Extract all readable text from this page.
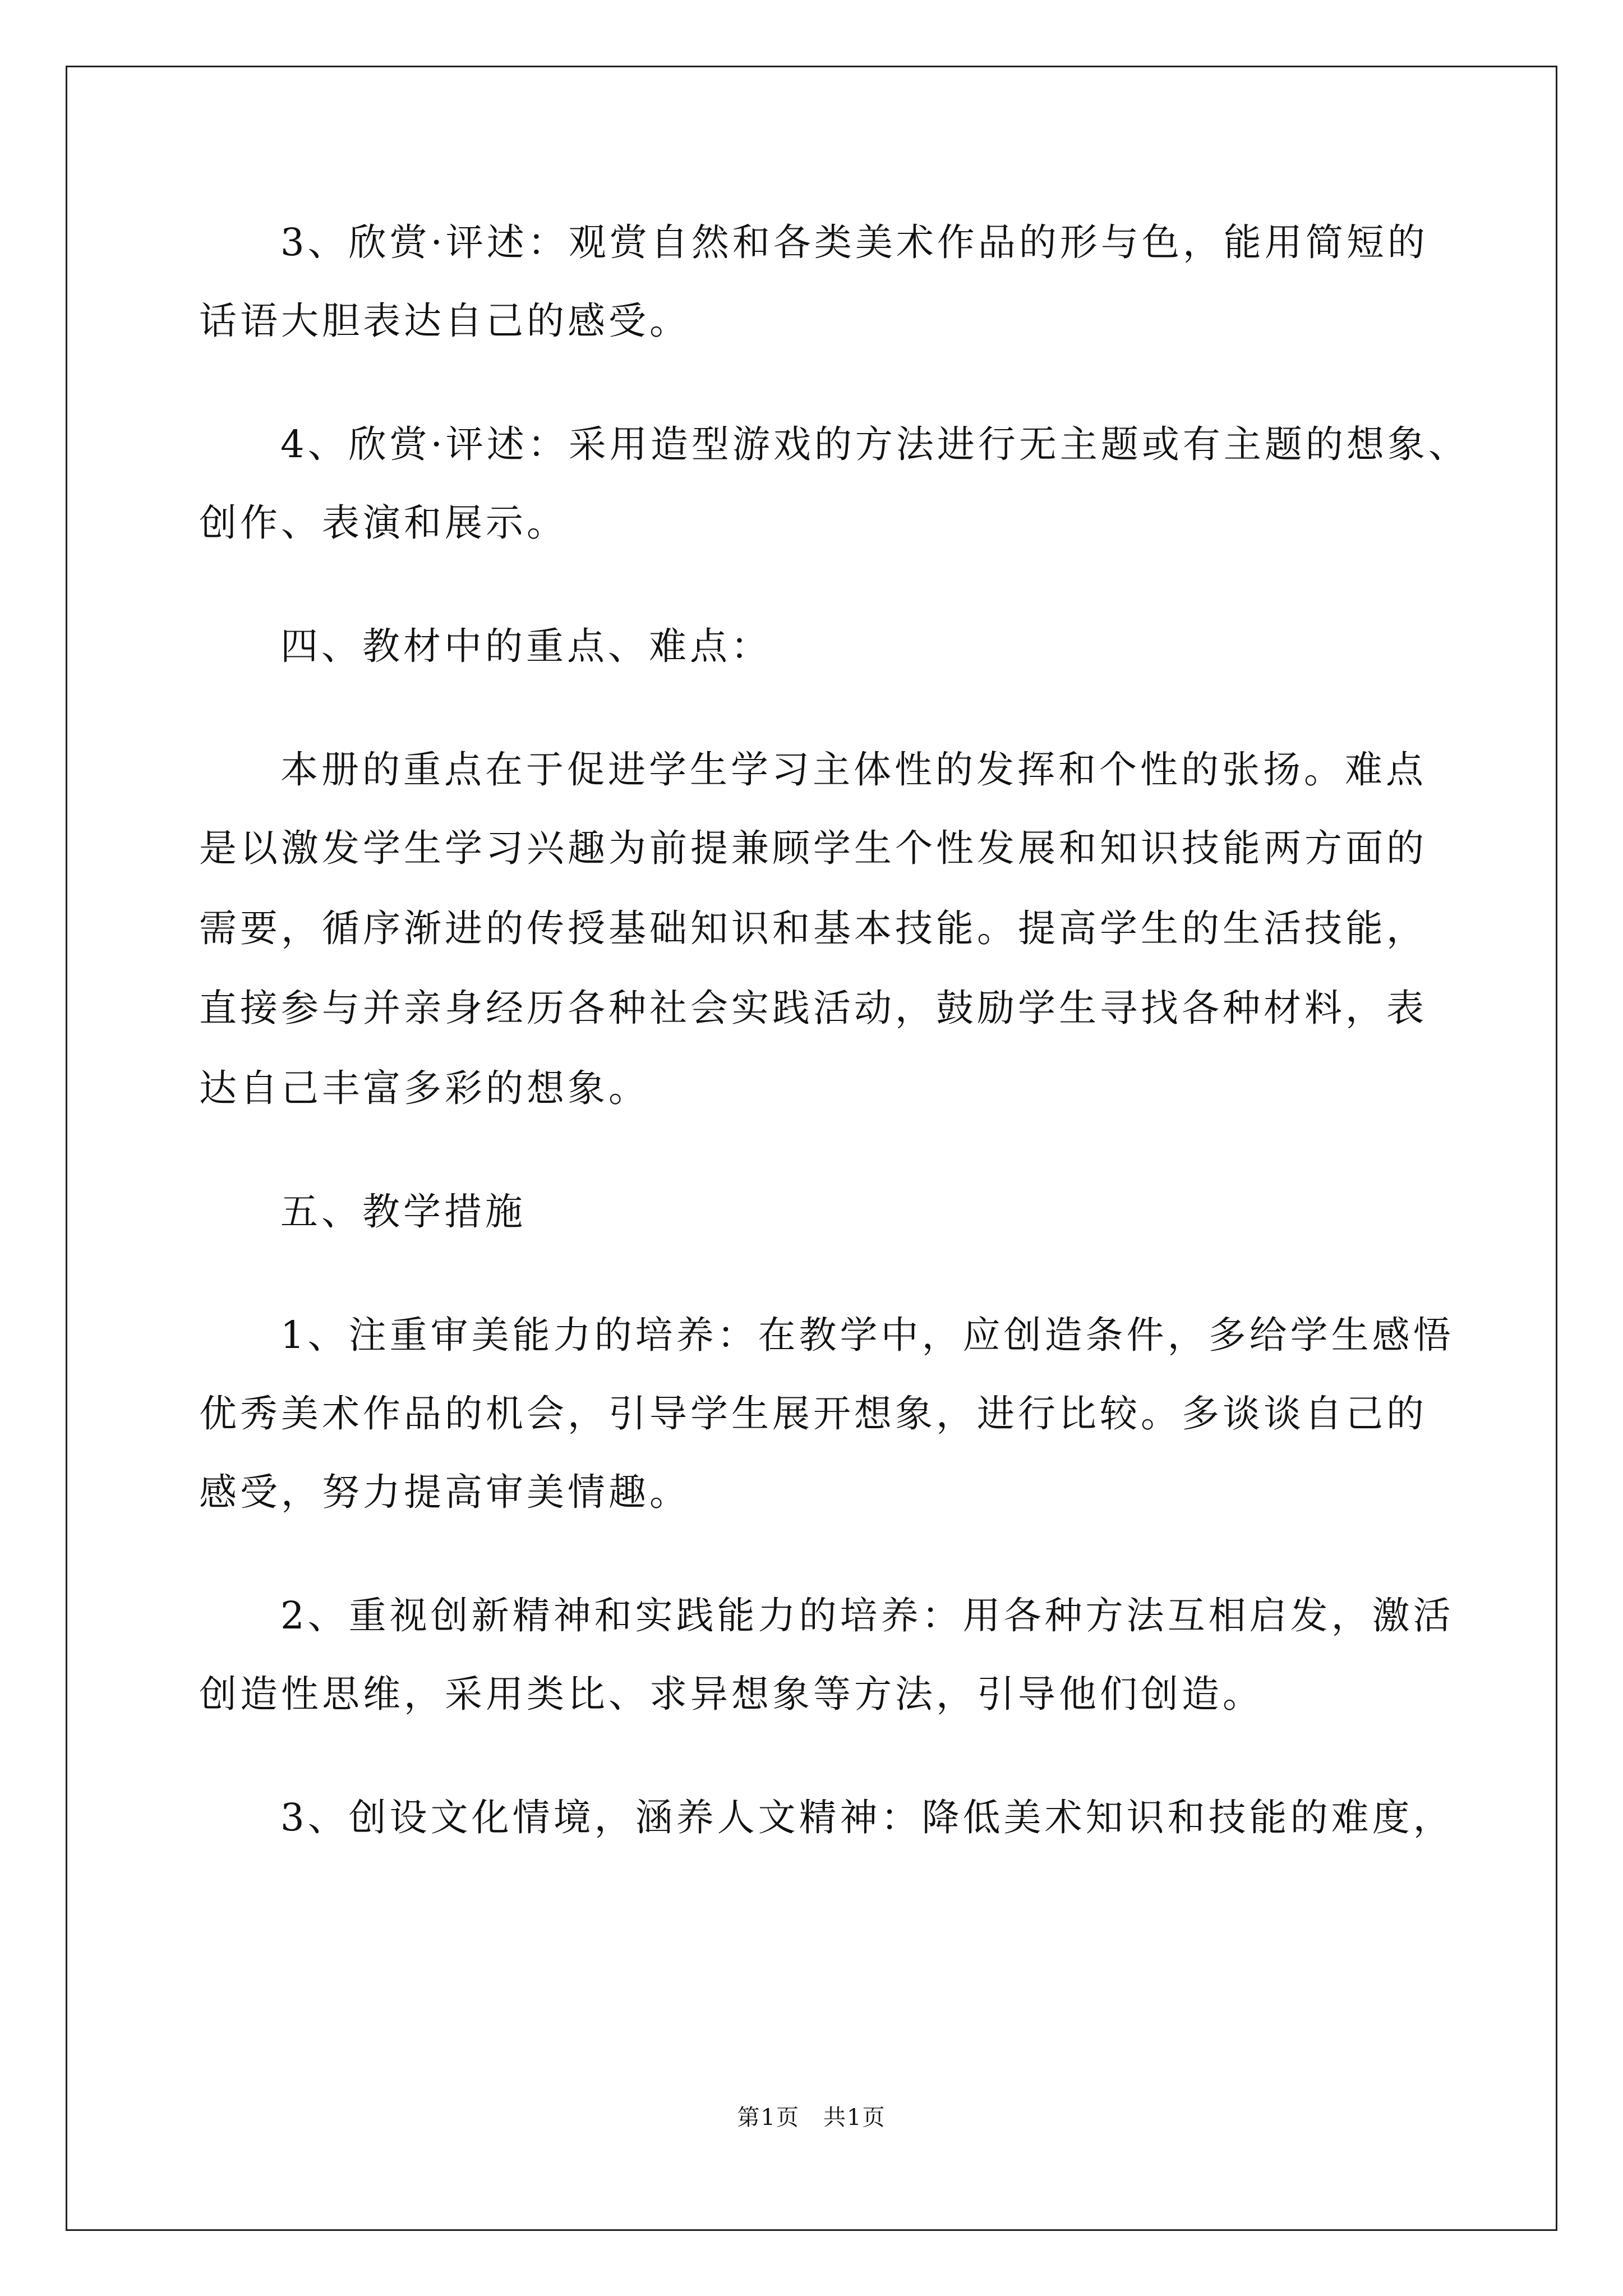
3、欣赏·评述：观赏自然和各类美术作品的形与色，能用简短的
话语大胆表达自己的感受。
4、欣赏·评述：采用造型游戏的方法进行无主题或有主题的想象、
创作、表演和展示。
四、教材中的重点、难点：
本册的重点在于促进学生学习主体性的发挥和个性的张扬。难点
是以激发学生学习兴趣为前提兼顾学生个性发展和知识技能两方面的
需要，循序渐进的传授基础知识和基本技能。提高学生的生活技能，
直接参与并亲身经历各种社会实践活动，鼓励学生寻找各种材料，表
达自己丰富多彩的想象。
五、教学措施
1、注重审美能力的培养：在教学中，应创造条件，多给学生感悟
优秀美术作品的机会，引导学生展开想象，进行比较。多谈谈自己的
感受，努力提高审美情趣。
2、重视创新精神和实践能力的培养：用各种方法互相启发，激活
创造性思维，采用类比、求异想象等方法，引导他们创造。
3、创设文化情境，涵养人文精神：降低美术知识和技能的难度，
第1页　共1页
